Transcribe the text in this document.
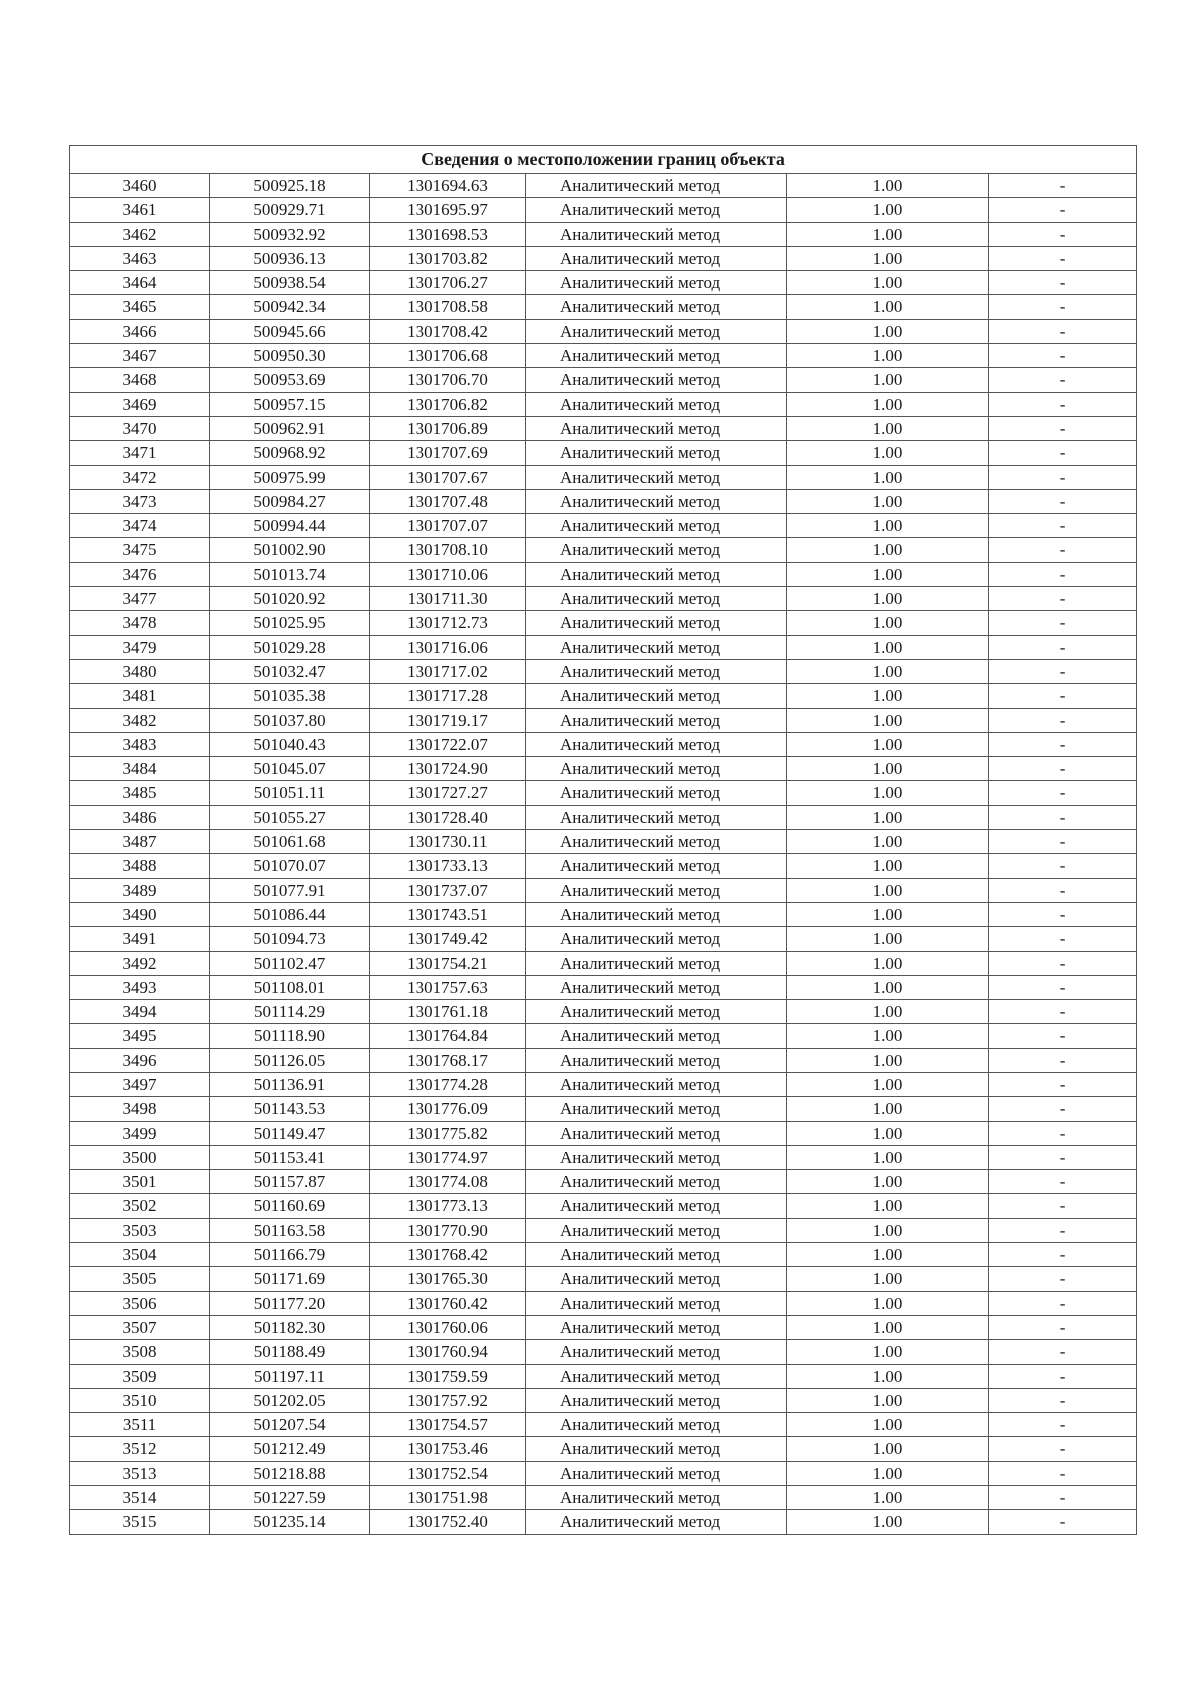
Сведения о местоположении границ объекта					
3460	500925.18	1301694.63	Аналитический метод	1.00	-
3461	500929.71	1301695.97	Аналитический метод	1.00	-
3462	500932.92	1301698.53	Аналитический метод	1.00	-
3463	500936.13	1301703.82	Аналитический метод	1.00	-
3464	500938.54	1301706.27	Аналитический метод	1.00	-
3465	500942.34	1301708.58	Аналитический метод	1.00	-
3466	500945.66	1301708.42	Аналитический метод	1.00	-
3467	500950.30	1301706.68	Аналитический метод	1.00	-
3468	500953.69	1301706.70	Аналитический метод	1.00	-
3469	500957.15	1301706.82	Аналитический метод	1.00	-
3470	500962.91	1301706.89	Аналитический метод	1.00	-
3471	500968.92	1301707.69	Аналитический метод	1.00	-
3472	500975.99	1301707.67	Аналитический метод	1.00	-
3473	500984.27	1301707.48	Аналитический метод	1.00	-
3474	500994.44	1301707.07	Аналитический метод	1.00	-
3475	501002.90	1301708.10	Аналитический метод	1.00	-
3476	501013.74	1301710.06	Аналитический метод	1.00	-
3477	501020.92	1301711.30	Аналитический метод	1.00	-
3478	501025.95	1301712.73	Аналитический метод	1.00	-
3479	501029.28	1301716.06	Аналитический метод	1.00	-
3480	501032.47	1301717.02	Аналитический метод	1.00	-
3481	501035.38	1301717.28	Аналитический метод	1.00	-
3482	501037.80	1301719.17	Аналитический метод	1.00	-
3483	501040.43	1301722.07	Аналитический метод	1.00	-
3484	501045.07	1301724.90	Аналитический метод	1.00	-
3485	501051.11	1301727.27	Аналитический метод	1.00	-
3486	501055.27	1301728.40	Аналитический метод	1.00	-
3487	501061.68	1301730.11	Аналитический метод	1.00	-
3488	501070.07	1301733.13	Аналитический метод	1.00	-
3489	501077.91	1301737.07	Аналитический метод	1.00	-
3490	501086.44	1301743.51	Аналитический метод	1.00	-
3491	501094.73	1301749.42	Аналитический метод	1.00	-
3492	501102.47	1301754.21	Аналитический метод	1.00	-
3493	501108.01	1301757.63	Аналитический метод	1.00	-
3494	501114.29	1301761.18	Аналитический метод	1.00	-
3495	501118.90	1301764.84	Аналитический метод	1.00	-
3496	501126.05	1301768.17	Аналитический метод	1.00	-
3497	501136.91	1301774.28	Аналитический метод	1.00	-
3498	501143.53	1301776.09	Аналитический метод	1.00	-
3499	501149.47	1301775.82	Аналитический метод	1.00	-
3500	501153.41	1301774.97	Аналитический метод	1.00	-
3501	501157.87	1301774.08	Аналитический метод	1.00	-
3502	501160.69	1301773.13	Аналитический метод	1.00	-
3503	501163.58	1301770.90	Аналитический метод	1.00	-
3504	501166.79	1301768.42	Аналитический метод	1.00	-
3505	501171.69	1301765.30	Аналитический метод	1.00	-
3506	501177.20	1301760.42	Аналитический метод	1.00	-
3507	501182.30	1301760.06	Аналитический метод	1.00	-
3508	501188.49	1301760.94	Аналитический метод	1.00	-
3509	501197.11	1301759.59	Аналитический метод	1.00	-
3510	501202.05	1301757.92	Аналитический метод	1.00	-
3511	501207.54	1301754.57	Аналитический метод	1.00	-
3512	501212.49	1301753.46	Аналитический метод	1.00	-
3513	501218.88	1301752.54	Аналитический метод	1.00	-
3514	501227.59	1301751.98	Аналитический метод	1.00	-
3515	501235.14	1301752.40	Аналитический метод	1.00	-
